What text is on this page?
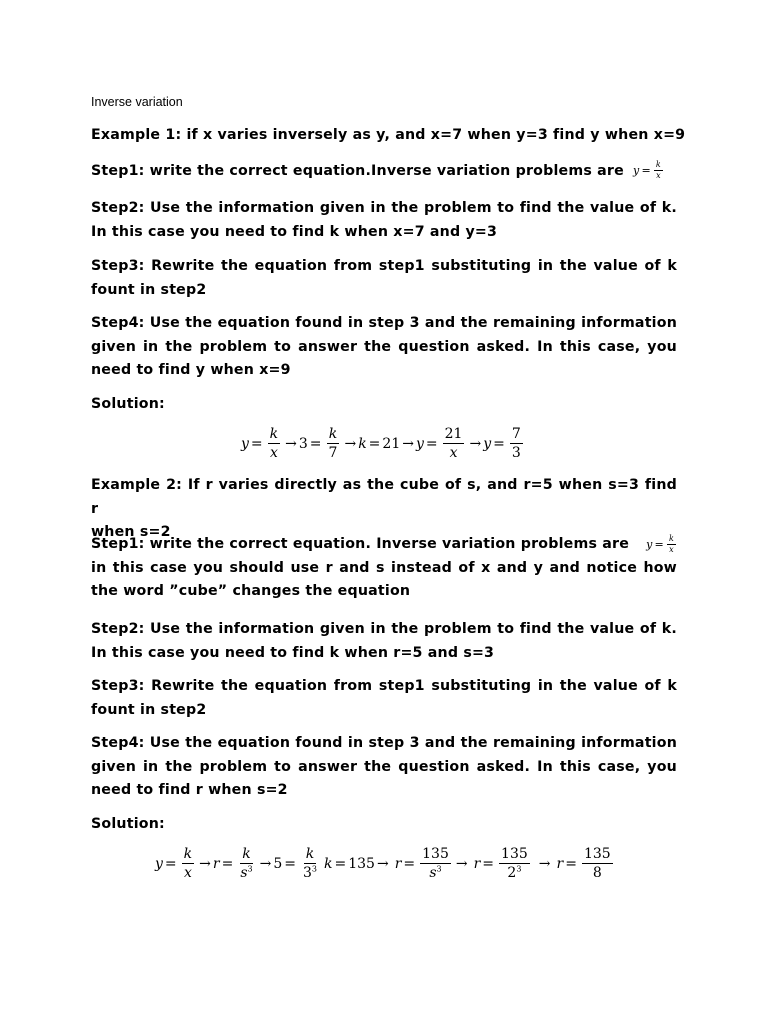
Inverse variation
Example 1: if x varies inversely as y, and x=7 when y=3 find y when x=9
Step1: write the correct equation.Inverse variation problems are $y = \frac{k}{x}$
Step2: Use the information given in the problem to find the value of k.
In this case you need to find k when x=7 and y=3
Step3: Rewrite the equation from step1 substituting in the value of k
fount in step2
Step4: Use the equation found in step 3 and the remaining information
given in the problem to answer the question asked. In this case, you
need to find y when x=9
Solution:
$y = \frac{k}{x} \to 3 = \frac{k}{7} \to k = 21 \to y = \frac{21}{x} \to y = \frac{7}{3}$
Example 2: If r varies directly as the cube of s, and r=5 when s=3 find r
when s=2
Step1: write the correct equation. Inverse variation problems are $y = \frac{k}{x}$
in this case you should use r and s instead of x and y and notice how
the word ”cube” changes the equation
Step2: Use the information given in the problem to find the value of k.
In this case you need to find k when r=5 and s=3
Step3: Rewrite the equation from step1 substituting in the value of k
fount in step2
Step4: Use the equation found in step 3 and the remaining information
given in the problem to answer the question asked. In this case, you
need to find r when s=2
Solution:
$y = \frac{k}{x} \to r = \frac{k}{s^3} \to 5 = \frac{k}{3^3}$ $k = 135 \to r = \frac{135}{s^3} \to r = \frac{135}{2^3} \to r = \frac{135}{8}$
